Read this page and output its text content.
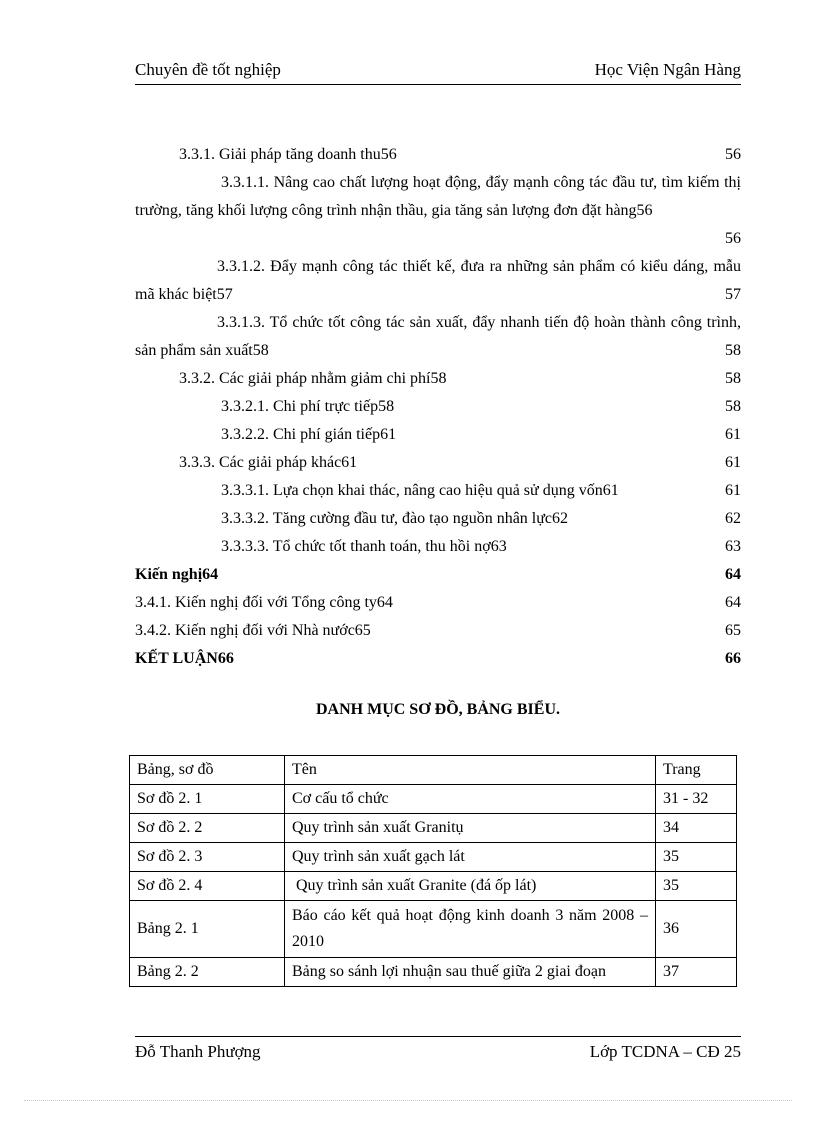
Chuyên đề tốt nghiệp	Học Viện Ngân Hàng
3.3.1. Giải pháp tăng doanh thu56	56
3.3.1.1. Nâng cao chất lượng hoạt động, đẩy mạnh công tác đầu tư, tìm kiếm thị trường, tăng khối lượng công trình nhận thầu, gia tăng sản lượng đơn đặt hàng56
56
3.3.1.2. Đẩy mạnh công tác thiết kế, đưa ra những sản phẩm có kiểu dáng, mẫu mã khác biệt57	57
3.3.1.3. Tổ chức tốt công tác sản xuất, đẩy nhanh tiến độ hoàn thành công trình, sản phẩm sản xuất58	58
3.3.2. Các giải pháp nhằm giảm chi phí58	58
3.3.2.1. Chi phí trực tiếp58	58
3.3.2.2. Chi phí gián tiếp61	61
3.3.3. Các giải pháp khác61	61
3.3.3.1. Lựa chọn khai thác, nâng cao hiệu quả sử dụng vốn61	61
3.3.3.2. Tăng cường đầu tư, đào tạo nguồn nhân lực62	62
3.3.3.3. Tổ chức tốt thanh toán, thu hồi nợ63	63
Kiến nghị64	64
3.4.1. Kiến nghị đối với Tổng công ty64	64
3.4.2. Kiến nghị đối với Nhà nước65	65
KẾT LUẬN66	66
DANH MỤC SƠ ĐỒ, BẢNG BIỂU.
Bảng, sơ đồ	Tên	Trang
Sơ đồ 2. 1	Cơ cấu tổ chức	31 - 32
Sơ đồ 2. 2	Quy trình sản xuất Granitụ	34
Sơ đồ 2. 3	Quy trình sản xuất gạch lát	35
Sơ đồ 2. 4	Quy trình sản xuất Granite (đá ốp lát)	35
Bảng 2. 1	Báo cáo kết quả hoạt động kinh doanh 3 năm 2008 – 2010	36
Bảng 2. 2	Bảng so sánh lợi nhuận sau thuế giữa 2 giai đoạn	37
Đỗ Thanh Phượng	Lớp TCDNA – CĐ 25
